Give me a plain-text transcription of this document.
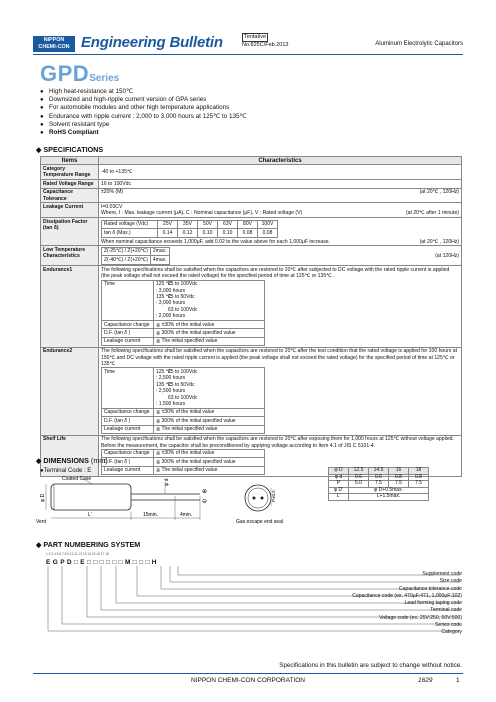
NIPPON
CHEMI-CON Engineering Bulletin	Tentative
No.825C/Feb.2013	Aluminum Electrolytic Capacitors
GPDSeries
● High heat-resistance at 150℃
● Downsized and high-ripple current version of GPA series
● For automobile modules and other high temperature applications
● Endurance with ripple current : 2,000 to 3,000 hours at 125℃ to 135℃
● Solvent resistant type
● RoHS Compliant
◆ SPECIFICATIONS
Items	Characteristics
Category Temperature Range	-40 to +135℃
Rated Voltage Range	16 to 100Vdc
Capacitance Tolerance	±20% (M)	(at 20℃ , 120Hz)

Leakage Current	I=0.03CV
Where, I : Max. leakage current (μA), C : Nominal capacitance (μF), V : Rated voltage (V)	(at 20℃ after 1 minute)

Dissipation Factor (tan δ)	
Rated voltage (Vdc)	25V	35V	50V	63V	80V	100V
tan δ (Max.)	0.14	0.12	0.10	0.10	0.08	0.08
When nominal capacitance exceeds 1,000μF, add 0.02 to the value above for each 1,000μF increase.	(at 20℃ , 120Hz)

Low Temperature Characteristics	Z(-25℃) / Z(+20℃)	2max.
Z(-40℃) / Z(+20℃)	4max.
(at 120Hz)

Endurance1	The following specifications shall be satisfied when the capacitors are restored to 20℃ after subjected to DC voltage with the rated ripple current is applied (the peak voltage shall not exceed the rated voltage) for the specified period of time at 125℃ or 135℃ .
Time	125 ℃25 to 100Vdc
: 3,000 hours
135 ℃25 to 50Vdc
: 3,000 hours
63 to 100Vdc
: 2,000 hours

Capacitance change	≦ ±30% of the initial value
D.F. (tan δ )	≦ 300% of the initial specified value
Leakage current	≦ The initial specified value

Endurance2	The following specifications shall be satisfied when the capacitors are restored to 20℃ after the test condition that the rated voltage is applied for 100 hours at 150℃ and DC voltage with the rated ripple current is applied (the peak voltage shall not exceed the rated voltage) for the specified period of time at 125℃ or 135℃
Time	125 ℃25 to 100Vdc
: 2,500 hours
135 ℃25 to 50Vdc
: 2,500 hours
63 to 100Vdc
: 1,500 hours

Capacitance change	≦ ±30% of the initial value
D.F. (tan δ )	≦ 300% of the initial specified value
Leakage current	≦ The initial specified value

Shelf Life	The following specifications shall be satisfied when the capacitors are restored to 20℃ after exposing them for 1,000 hours at 125℃ without voltage applied. Before the measurement, the capacitor shall be preconditioned by applying voltage according to Item 4.1 of JIS C 5101-4.
Capacitance change	≦ ±30% of the initial value
D.F. (tan δ )	≦ 300% of the initial specified value
Leakage current	≦ The initial specified value
◆ DIMENSIONS (mm)
●Terminal Code : E
Coated Case
Vent
L'	15min.	4min.
φ d
φ D
⊕
⊖	P±0.5
Gas escape end seal
φ D	12.5	14.5	16	18
φ d	0.6	0.6	0.8	0.8
P	5.0	7.5	7.5	7.5
φ D'	φ D+0.5max.			
L'	L+1.5max.			
◆ PART NUMBERING SYSTEM
1 2 3 4 5 6 7 8 9 10 11 12 13 14 15 16 17 18
E G P D □ E □ □ □ □ □ □ M □ □ □ H
Supplement code
Size code
Capacitance tolerance code
Capacitance code (ex. 470μF:471, 1,000μF:102)
Lead forming taping code
Terminal code
Voltage code (ex. 25V:250, 50V:500)
Series code
Category
Specifications in this bulletin are subject to change without notice.
NIPPON CHEMI-CON CORPORATION	1629	1
